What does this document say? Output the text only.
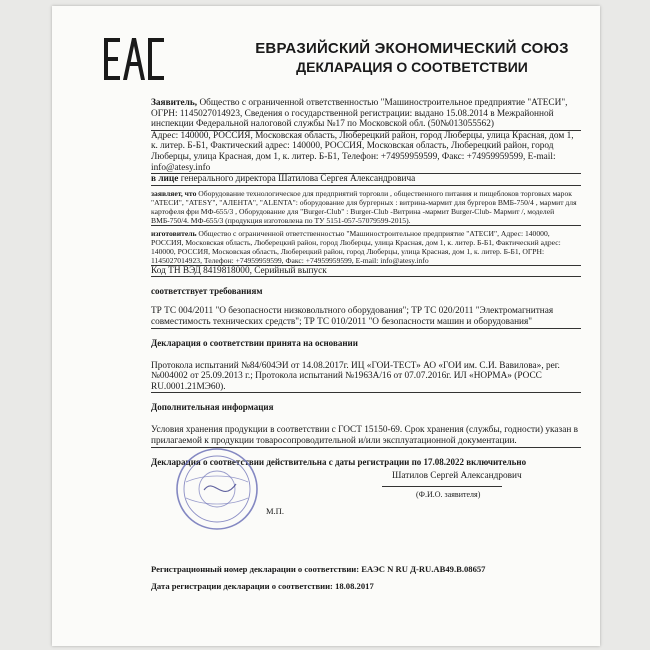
ЕВРАЗИЙСКИЙ ЭКОНОМИЧЕСКИЙ СОЮЗ
ДЕКЛАРАЦИЯ О СООТВЕТСТВИИ

Заявитель, Общество с ограниченной ответственностью "Машиностроительное предприятие "АТЕСИ", ОГРН: 1145027014923, Сведения о государственной регистрации: выдано 15.08.2014 в Межрайонной инспекции Федеральной налоговой службы №17 по Московской обл. (50№013055562)

Адрес: 140000, РОССИЯ, Московская область, Люберецкий район, город Люберцы, улица Красная, дом 1, к. литер. Б-Б1, Фактический адрес: 140000, РОССИЯ, Московская область, Люберецкий район, город Люберцы, улица Красная, дом 1, к. литер. Б-Б1, Телефон: +74959959599, Факс: +74959959599, E-mail: info@atesy.info

в лице генерального директора Шатилова Сергея Александровича

заявляет, что Оборудование технологическое для предприятий торговли , общественного питания и пищеблоков торговых марок "АТЕСИ", "ATESY", "АЛЕНТА", "ALENTA": оборудование для бургерных : витрина-мармит для бургеров ВМБ-750/4 , мармит для картофеля фри МФ-655/3 , Оборудование для "Burger-Club" : Burger-Club -Витрина -мармит Burger-Club- Мармит /, моделей ВМБ-750/4. МФ-655/3 (продукция изготовлена по ТУ 5151-057-57079599-2015).

изготовитель Общество с ограниченной ответственностью "Машиностроительное предприятие "АТЕСИ", Адрес: 140000, РОССИЯ, Московская область, Люберецкий район, город Люберцы, улица Красная, дом 1, к. литер. Б-Б1, Фактический адрес: 140000, РОССИЯ, Московская область, Люберецкий район, город Люберцы, улица Красная, дом 1, к. литер. Б-Б1, ОГРН: 1145027014923, Телефон: +74959959599, Факс: +74959959599, E-mail: info@atesy.info

Код ТН ВЭД 8419818000, Серийный выпуск

соответствует требованиям

ТР ТС 004/2011 "О безопасности низковольтного оборудования"; ТР ТС 020/2011 "Электромагнитная совместимость технических средств"; ТР ТС 010/2011 "О безопасности машин и оборудования"

Декларация о соответствии принята на основании

Протокола испытаний №84/604ЭИ от 14.08.2017г. ИЦ «ГОИ-ТЕСТ» АО «ГОИ им. С.И. Вавилова», рег. №004002 от 25.09.2013 г.; Протокола испытаний №1963А/16 от 07.07.2016г. ИЛ «НОРМА» (РОСС RU.0001.21МЭ60).

Дополнительная информация

Условия хранения продукции в соответствии с ГОСТ 15150-69. Срок хранения (службы, годности) указан в прилагаемой к продукции товаросопроводительной и/или эксплуатационной документации.

Декларация о соответствии действительна с даты регистрации по 17.08.2022 включительно

М.П.
Шатилов Сергей Александрович
(Ф.И.О. заявителя)
Регистрационный номер декларации о соответствии: ЕАЭС N RU Д-RU.АВ49.В.08657
Дата регистрации декларации о соответствии: 18.08.2017
